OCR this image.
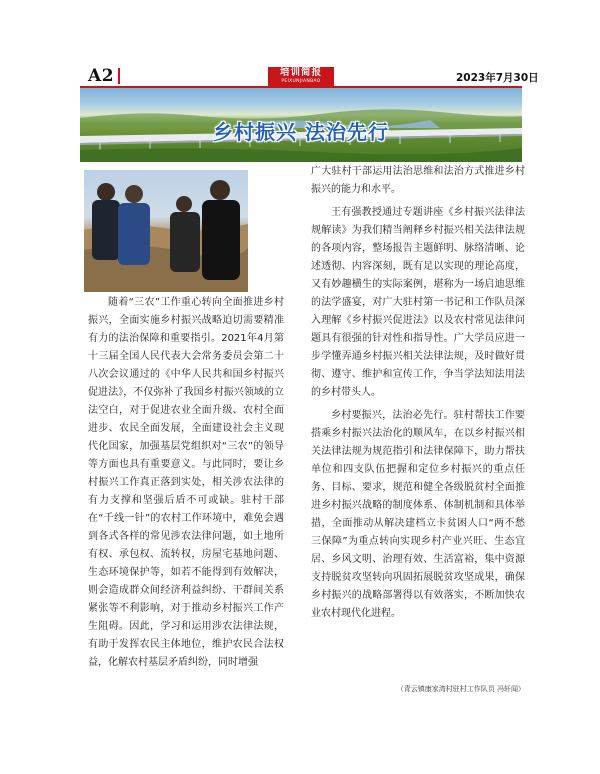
A2	培训简报
PEIXUNJIANBAO	2023年7月30日
乡村振兴 法治先行

随着“三农”工作重心转向全面推进乡村振兴，全面实施乡村振兴战略迫切需要精准有力的法治保障和重要指引。2021年4月第十三届全国人民代表大会常务委员会第二十八次会议通过的《中华人民共和国乡村振兴促进法》，不仅弥补了我国乡村振兴领域的立法空白，对于促进农业全面升级、农村全面进步、农民全面发展，全面建设社会主义现代化国家，加强基层党组织对“三农”的领导等方面也具有重要意义。与此同时，要让乡村振兴工作真正落到实处，相关涉农法律的有力支撑和坚强后盾不可或缺。驻村干部在“千线一针”的农村工作环境中，难免会遇到各式各样的常见涉农法律问题，如土地所有权、承包权、流转权，房屋宅基地问题、生态环境保护等，如若不能得到有效解决，则会造成群众间经济利益纠纷、干群间关系紧张等不利影响，对于推动乡村振兴工作产生阻碍。因此，学习和运用涉农法律法规，有助于发挥农民主体地位，维护农民合法权益，化解农村基层矛盾纠纷，同时增强

广大驻村干部运用法治思维和法治方式推进乡村振兴的能力和水平。

王有强教授通过专题讲座《乡村振兴法律法规解读》为我们精当阐释乡村振兴相关法律法规的各项内容，整场报告主题鲜明、脉络清晰、论述透彻、内容深刻，既有足以实现的理论高度，又有妙趣横生的实际案例，堪称为一场启迪思维的法学盛宴，对广大驻村第一书记和工作队员深入理解《乡村振兴促进法》以及农村常见法律问题具有很强的针对性和指导性。广大学员应进一步学懂弄通乡村振兴相关法律法规，及时做好贯彻、遵守、维护和宣传工作，争当学法知法用法的乡村带头人。

乡村要振兴，法治必先行。驻村帮扶工作要搭乘乡村振兴法治化的顺风车，在以乡村振兴相关法律法规为规范指引和法律保障下，助力帮扶单位和四支队伍把握和定位乡村振兴的重点任务、目标、要求，规范和健全各级脱贫村全面推进乡村振兴战略的制度体系、体制机制和具体举措，全面推动从解决建档立卡贫困人口“两不愁三保障”为重点转向实现乡村产业兴旺、生态宜居、乡风文明、治理有效、生活富裕，集中资源支持脱贫攻坚转向巩固拓展脱贫攻坚成果，确保乡村振兴的战略部署得以有效落实，不断加快农业农村现代化进程。

（青云镇康家湾村驻村工作队员 冯轩闻）
